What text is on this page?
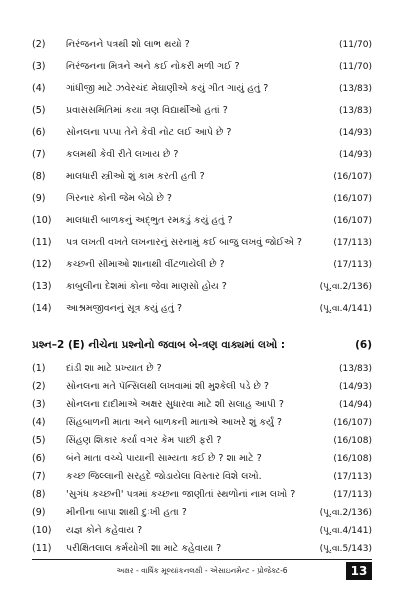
(2)	નિરંજનને પત્રથી શો લાભ થયો ?	(11/70)
(3)	નિરંજનના મિત્રને અને કઈ નોકરી મળી ગઈ ?	(11/70)
(4)	ગાંધીજી માટે ઝવેરચંદ મેઘાણીએ કયું ગીત ગાયું હતું ?	(13/83)
(5)	પ્રવાસસમિતિમાં કયા ત્રણ વિદ્યાર્થીઓ હતાં ?	(13/83)
(6)	સોનલના પપ્પા તેને કેવી નોટ લઈ આપે છે ?	(14/93)
(7)	કલમથી કેવી રીતે લખાય છે ?	(14/93)
(8)	માલધારી સ્ત્રીઓ શું કામ કરતી હતી ?	(16/107)
(9)	ગિરનાર કોની જેમ બેઠો છે ?	(16/107)
(10)	માલધારી બાળકનું અદ્ભુત રમકડું કયું હતું ?	(16/107)
(11)	પત્ર લખતી વખતે લખનારનું સરનામું કઈ બાજુ લખવું જોઈએ ?	(17/113)
(12)	કચ્છની સીમાઓ શાનાથી વીંટળાયેલી છે ?	(17/113)
(13)	કાબુલીના દેશમાં કોના જેવા માણસો હોય ?	(પૂ.વા.2/136)
(14)	આશ્રમજીવનનું સૂત્ર કયું હતું ?	(પૂ.વા.4/141)
પ્રશ્ન–2 (E) નીચેના પ્રશ્નોનો જવાબ બે-ત્રણ વાક્યમાં લખો :	(6)
(1)	દાંડી શા માટે પ્રખ્યાત છે ?	(13/83)
(2)	સોનલના મતે પૅન્સિલથી લખવામાં શી મુશ્કેલી પડે છે ?	(14/93)
(3)	સોનલના દાદીમાએ અક્ષર સુધારવા માટે શી સલાહ આપી ?	(14/94)
(4)	સિંહબાળની માતા અને બાળકની માતાએ આખરે શું કર્યું ?	(16/107)
(5)	સિંહણ શિકાર કર્યા વગર કેમ પાછી ફરી ?	(16/108)
(6)	બંને માતા વચ્ચે પાયાની સામ્યતા કઈ છે ? શા માટે ?	(16/108)
(7)	કચ્છ જિલ્લાની સરહદે જોડાયેલા વિસ્તાર વિશે લખો.	(17/113)
(8)	'સુગંધ કચ્છની' પત્રમાં કચ્છના જાણીતાં સ્થળોનાં નામ લખો ?	(17/113)
(9)	મીનીના બાપા શાથી દુઃખી હતા ?	(પૂ.વા.2/136)
(10)	યજ્ઞ કોને કહેવાય ?	(પૂ.વા.4/141)
(11)	પરીક્ષિતલાલ કર્મયોગી શા માટે કહેવાયા ?	(પૂ.વા.5/143)
અક્ષર - વાર્ષિક મૂલ્યાંકનલક્ષી - એસાઇનમેન્ટ - પ્રોજેક્ટ-6	13
